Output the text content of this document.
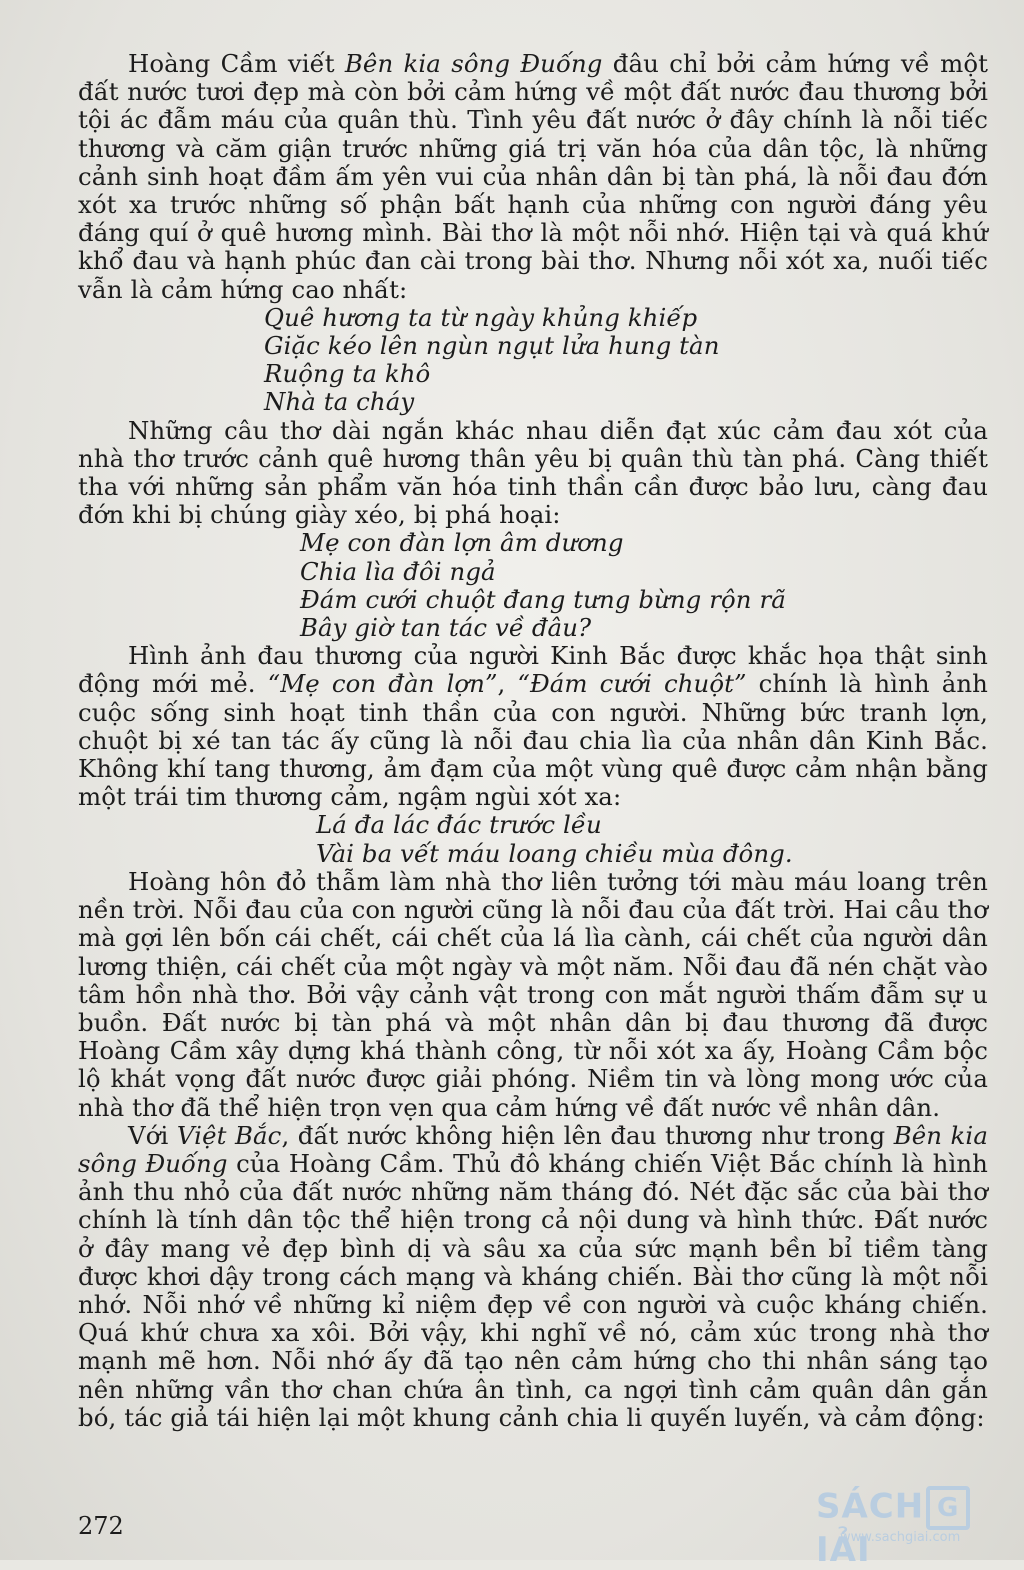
Hoàng Cầm viết Bên kia sông Đuống đâu chỉ bởi cảm hứng về một đất nước tươi đẹp mà còn bởi cảm hứng về một đất nước đau thương bởi tội ác đẫm máu của quân thù. Tình yêu đất nước ở đây chính là nỗi tiếc thương và căm giận trước những giá trị văn hóa của dân tộc, là những cảnh sinh hoạt đầm ấm yên vui của nhân dân bị tàn phá, là nỗi đau đớn xót xa trước những số phận bất hạnh của những con người đáng yêu đáng quí ở quê hương mình. Bài thơ là một nỗi nhớ. Hiện tại và quá khứ khổ đau và hạnh phúc đan cài trong bài thơ. Nhưng nỗi xót xa, nuối tiếc vẫn là cảm hứng cao nhất:

Quê hương ta từ ngày khủng khiếp
Giặc kéo lên ngùn ngụt lửa hung tàn
Ruộng ta khô
Nhà ta cháy

Những câu thơ dài ngắn khác nhau diễn đạt xúc cảm đau xót của nhà thơ trước cảnh quê hương thân yêu bị quân thù tàn phá. Càng thiết tha với những sản phẩm văn hóa tinh thần cần được bảo lưu, càng đau đớn khi bị chúng giày xéo, bị phá hoại:

Mẹ con đàn lợn âm dương
Chia lìa đôi ngả
Đám cưới chuột đang tưng bừng rộn rã
Bây giờ tan tác về đâu?

Hình ảnh đau thương của người Kinh Bắc được khắc họa thật sinh động mới mẻ. “Mẹ con đàn lợn”, “Đám cưới chuột” chính là hình ảnh cuộc sống sinh hoạt tinh thần của con người. Những bức tranh lợn, chuột bị xé tan tác ấy cũng là nỗi đau chia lìa của nhân dân Kinh Bắc. Không khí tang thương, ảm đạm của một vùng quê được cảm nhận bằng một trái tim thương cảm, ngậm ngùi xót xa:

Lá đa lác đác trước lều
Vài ba vết máu loang chiều mùa đông.

Hoàng hôn đỏ thẫm làm nhà thơ liên tưởng tới màu máu loang trên nền trời. Nỗi đau của con người cũng là nỗi đau của đất trời. Hai câu thơ mà gợi lên bốn cái chết, cái chết của lá lìa cành, cái chết của người dân lương thiện, cái chết của một ngày và một năm. Nỗi đau đã nén chặt vào tâm hồn nhà thơ. Bởi vậy cảnh vật trong con mắt người thấm đẫm sự u buồn. Đất nước bị tàn phá và một nhân dân bị đau thương đã được Hoàng Cầm xây dựng khá thành công, từ nỗi xót xa ấy, Hoàng Cầm bộc lộ khát vọng đất nước được giải phóng. Niềm tin và lòng mong ước của nhà thơ đã thể hiện trọn vẹn qua cảm hứng về đất nước về nhân dân.

Với Việt Bắc, đất nước không hiện lên đau thương như trong Bên kia sông Đuống của Hoàng Cầm. Thủ đô kháng chiến Việt Bắc chính là hình ảnh thu nhỏ của đất nước những năm tháng đó. Nét đặc sắc của bài thơ chính là tính dân tộc thể hiện trong cả nội dung và hình thức. Đất nước ở đây mang vẻ đẹp bình dị và sâu xa của sức mạnh bền bỉ tiềm tàng được khơi dậy trong cách mạng và kháng chiến. Bài thơ cũng là một nỗi nhớ. Nỗi nhớ về những kỉ niệm đẹp về con người và cuộc kháng chiến. Quá khứ chưa xa xôi. Bởi vậy, khi nghĩ về nó, cảm xúc trong nhà thơ mạnh mẽ hơn. Nỗi nhớ ấy đã tạo nên cảm hứng cho thi nhân sáng tạo nên những vần thơ chan chứa ân tình, ca ngợi tình cảm quân dân gắn bó, tác giả tái hiện lại một khung cảnh chia li quyến luyến, và cảm động:

272	SÁCH GIẢI
www.sachgiai.com
